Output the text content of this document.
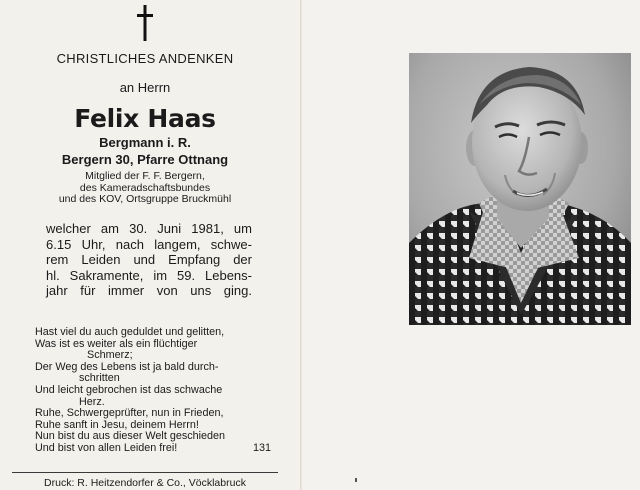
CHRISTLICHES ANDENKEN
an Herrn
Felix Haas
Bergmann i. R.
Bergern 30, Pfarre Ottnang
Mitglied der F. F. Bergern,
des Kameradschaftsbundes
und des KOV, Ortsgruppe Bruckmühl
welcher am 30. Juni 1981, um
6.15 Uhr, nach langem, schwe-
rem Leiden und Empfang der
hl. Sakramente, im 59. Lebens-
jahr für immer von uns ging.
Hast viel du auch geduldet und gelitten,
Was ist es weiter als ein flüchtiger
Schmerz;
Der Weg des Lebens ist ja bald durch-
schritten
Und leicht gebrochen ist das schwache
Herz.
Ruhe, Schwergeprüfter, nun in Frieden,
Ruhe sanft in Jesu, deinem Herrn!
Nun bist du aus dieser Welt geschieden
Und bist von allen Leiden frei!	131
Druck: R. Heitzendorfer & Co., Vöcklabruck
